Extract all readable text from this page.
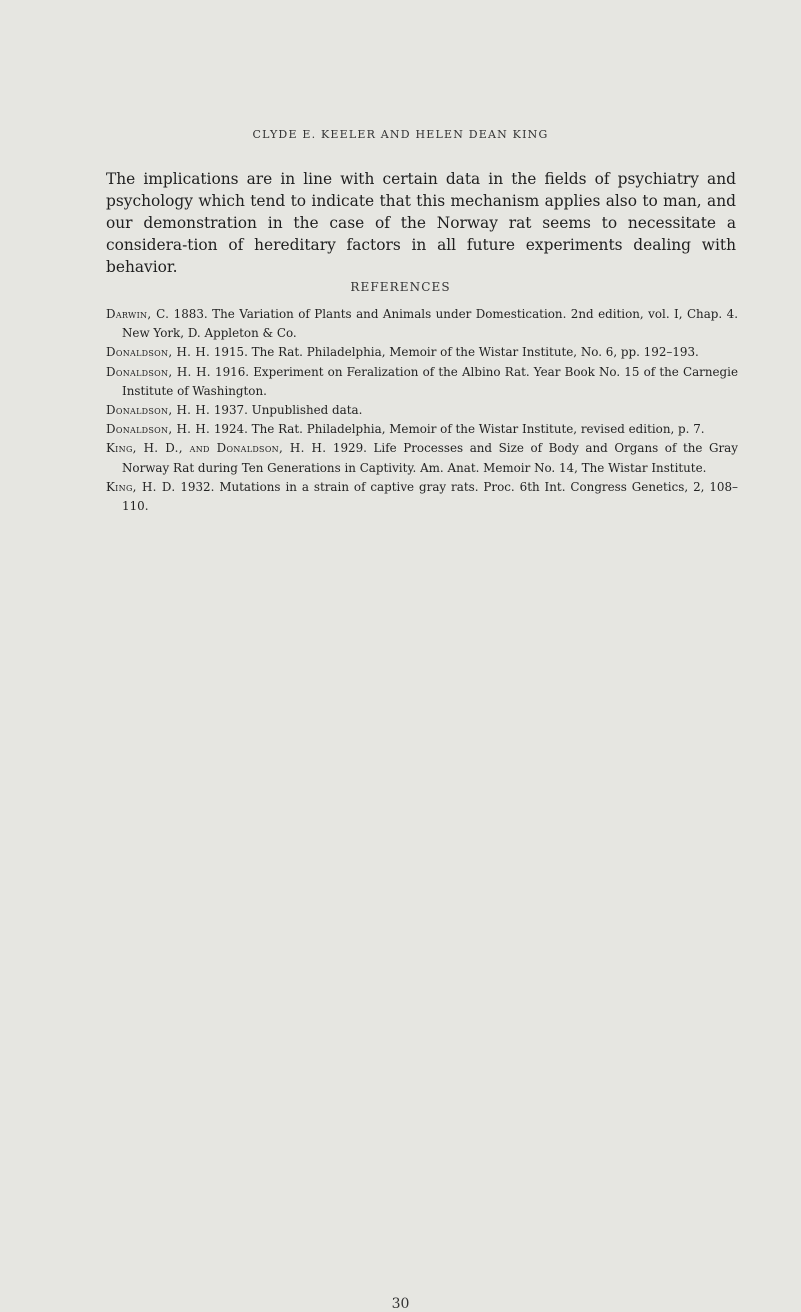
CLYDE E. KEELER AND HELEN DEAN KING

The implications are in line with certain data in the fields of psychiatry and psychology which tend to indicate that this mechanism applies also to man, and our demonstration in the case of the Norway rat seems to necessitate a considera-tion of hereditary factors in all future experiments dealing with behavior.

REFERENCES
Darwin, C. 1883. The Variation of Plants and Animals under Domestication. 2nd edition, vol. I, Chap. 4. New York, D. Appleton & Co.
Donaldson, H. H. 1915. The Rat. Philadelphia, Memoir of the Wistar Institute, No. 6, pp. 192–193.
Donaldson, H. H. 1916. Experiment on Feralization of the Albino Rat. Year Book No. 15 of the Carnegie Institute of Washington.
Donaldson, H. H. 1937. Unpublished data.
Donaldson, H. H. 1924. The Rat. Philadelphia, Memoir of the Wistar Institute, revised edition, p. 7.
King, H. D., and Donaldson, H. H. 1929. Life Processes and Size of Body and Organs of the Gray Norway Rat during Ten Generations in Captivity. Am. Anat. Memoir No. 14, The Wistar Institute.
King, H. D. 1932. Mutations in a strain of captive gray rats. Proc. 6th Int. Congress Genetics, 2, 108–110.
30
